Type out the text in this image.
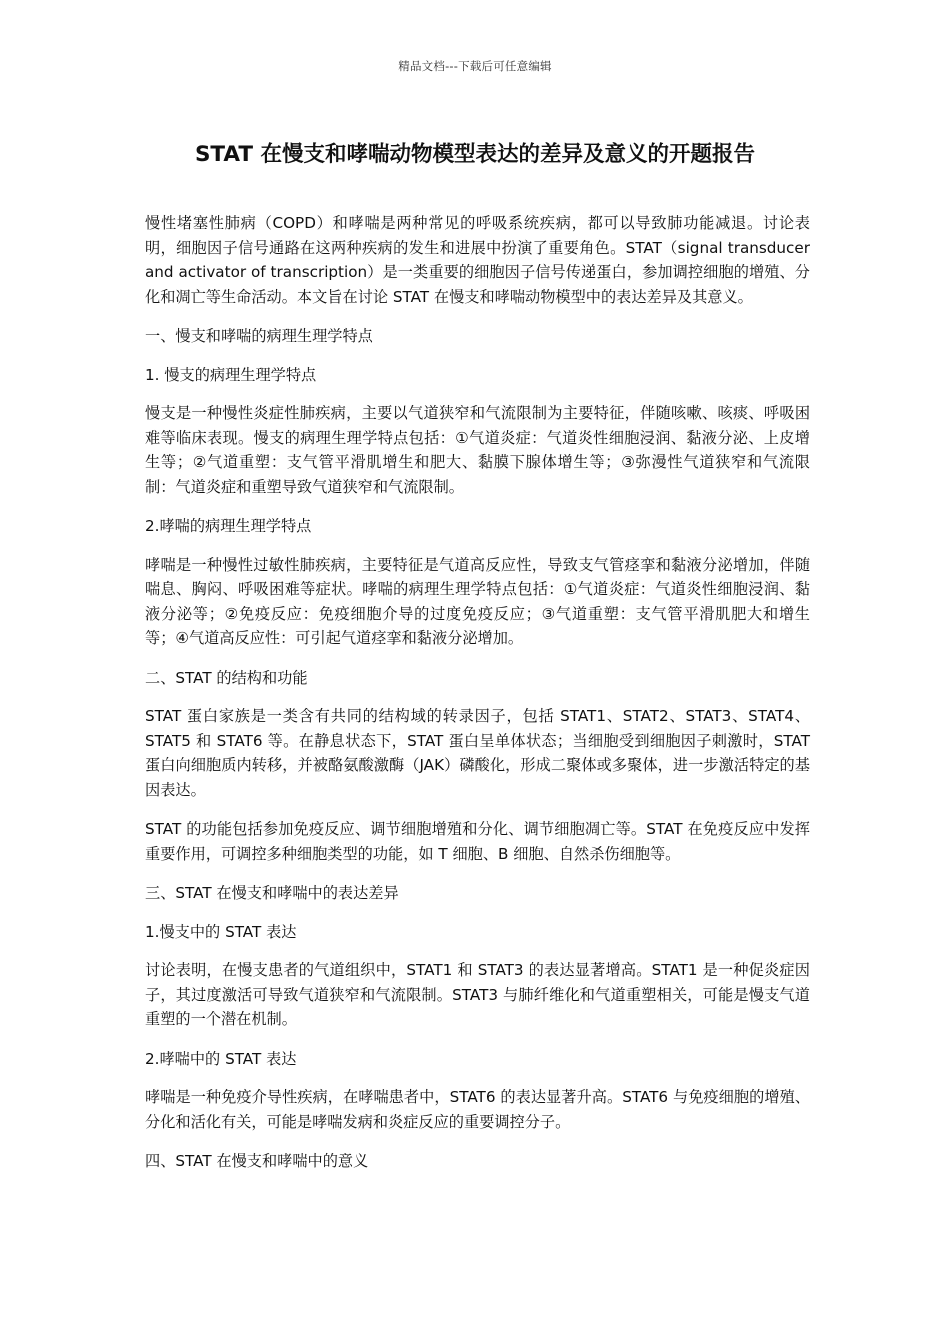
精品文档---下载后可任意编辑
STAT 在慢支和哮喘动物模型表达的差异及意义的开题报告

慢性堵塞性肺病（COPD）和哮喘是两种常见的呼吸系统疾病，都可以导致肺功能减退。讨论表明，细胞因子信号通路在这两种疾病的发生和进展中扮演了重要角色。STAT（signal transducer and activator of transcription）是一类重要的细胞因子信号传递蛋白，参加调控细胞的增殖、分化和凋亡等生命活动。本文旨在讨论 STAT 在慢支和哮喘动物模型中的表达差异及其意义。

一、慢支和哮喘的病理生理学特点

1. 慢支的病理生理学特点

慢支是一种慢性炎症性肺疾病，主要以气道狭窄和气流限制为主要特征，伴随咳嗽、咳痰、呼吸困难等临床表现。慢支的病理生理学特点包括：①气道炎症：气道炎性细胞浸润、黏液分泌、上皮增生等；②气道重塑：支气管平滑肌增生和肥大、黏膜下腺体增生等；③弥漫性气道狭窄和气流限制：气道炎症和重塑导致气道狭窄和气流限制。

2.哮喘的病理生理学特点

哮喘是一种慢性过敏性肺疾病，主要特征是气道高反应性，导致支气管痉挛和黏液分泌增加，伴随喘息、胸闷、呼吸困难等症状。哮喘的病理生理学特点包括：①气道炎症：气道炎性细胞浸润、黏液分泌等；②免疫反应：免疫细胞介导的过度免疫反应；③气道重塑：支气管平滑肌肥大和增生等；④气道高反应性：可引起气道痉挛和黏液分泌增加。

二、STAT 的结构和功能

STAT 蛋白家族是一类含有共同的结构域的转录因子，包括 STAT1、STAT2、STAT3、STAT4、STAT5 和 STAT6 等。在静息状态下，STAT 蛋白呈单体状态；当细胞受到细胞因子刺激时，STAT 蛋白向细胞质内转移，并被酪氨酸激酶（JAK）磷酸化，形成二聚体或多聚体，进一步激活特定的基因表达。

STAT 的功能包括参加免疫反应、调节细胞增殖和分化、调节细胞凋亡等。STAT 在免疫反应中发挥重要作用，可调控多种细胞类型的功能，如 T 细胞、B 细胞、自然杀伤细胞等。

三、STAT 在慢支和哮喘中的表达差异

1.慢支中的 STAT 表达

讨论表明，在慢支患者的气道组织中，STAT1 和 STAT3 的表达显著增高。STAT1 是一种促炎症因子，其过度激活可导致气道狭窄和气流限制。STAT3 与肺纤维化和气道重塑相关，可能是慢支气道重塑的一个潜在机制。

2.哮喘中的 STAT 表达

哮喘是一种免疫介导性疾病，在哮喘患者中，STAT6 的表达显著升高。STAT6 与免疫细胞的增殖、分化和活化有关，可能是哮喘发病和炎症反应的重要调控分子。

四、STAT 在慢支和哮喘中的意义
